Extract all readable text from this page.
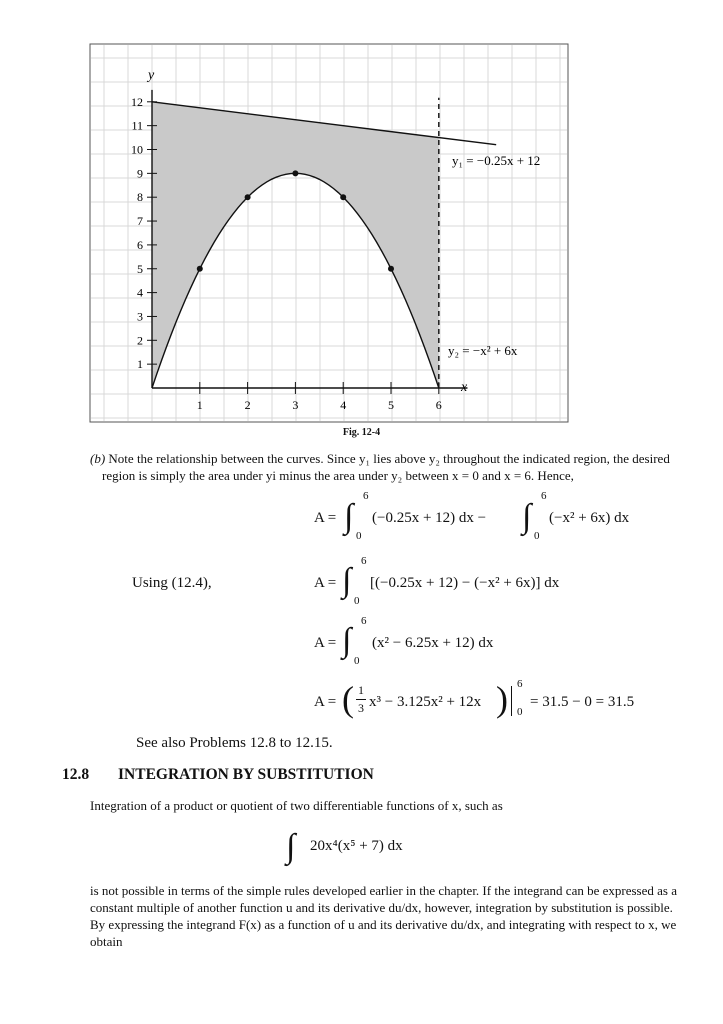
12
11
10
9
8
7
6
5
4
3
2
1
1	2	3	4	5	6
y
x
y₁ = −0.25x + 12
y₂ = −x² + 6x
Fig. 12-4
(b) Note the relationship between the curves. Since y₁ lies above y₂ throughout the indicated region, the desired region is simply the area under yi minus the area under y₂ between x = 0 and x = 6. Hence,
A = ∫
6
0
(−0.25x + 12) dx − ∫
6
0
(−x² + 6x) dx
Using (12.4),	A = ∫
6
0
[(−0.25x + 12) − (−x² + 6x)] dx
A = ∫
6
0
(x² − 6.25x + 12) dx
A = ( 1
3 x³ − 3.125x² + 12x ) 6
0
= 31.5 − 0 = 31.5
See also Problems 12.8 to 12.15.
12.8 INTEGRATION BY SUBSTITUTION
Integration of a product or quotient of two differentiable functions of x, such as
∫ 20x⁴(x⁵ + 7) dx
is not possible in terms of the simple rules developed earlier in the chapter. If the integrand can be expressed as a constant multiple of another function u and its derivative du/dx, however, integration by substitution is possible. By expressing the integrand F(x) as a function of u and its derivative du/dx, and integrating with respect to x, we obtain
